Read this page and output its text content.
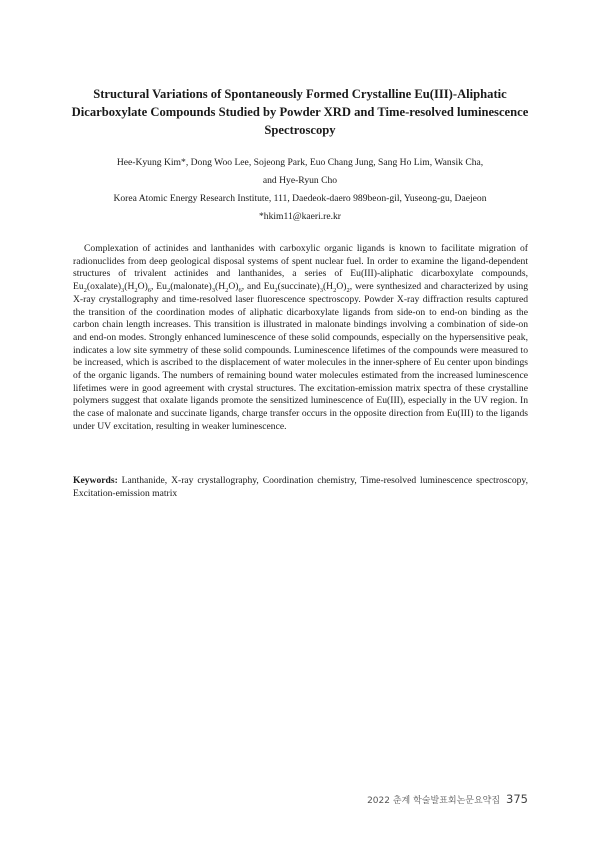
Structural Variations of Spontaneously Formed Crystalline Eu(III)-Aliphatic Dicarboxylate Compounds Studied by Powder XRD and Time-resolved luminescence Spectroscopy
Hee-Kyung Kim*, Dong Woo Lee, Sojeong Park, Euo Chang Jung, Sang Ho Lim, Wansik Cha,
and Hye-Ryun Cho
Korea Atomic Energy Research Institute, 111, Daedeok-daero 989beon-gil, Yuseong-gu, Daejeon
*hkim11@kaeri.re.kr

Complexation of actinides and lanthanides with carboxylic organic ligands is known to facilitate migration of radionuclides from deep geological disposal systems of spent nuclear fuel. In order to examine the ligand-dependent structures of trivalent actinides and lanthanides, a series of Eu(III)-aliphatic dicarboxylate compounds, $Eu_2(oxalate)_3(H_2O)_6$, $Eu_2(malonate)_3(H_2O)_6$, and $Eu_2(succinate)_3(H_2O)_2$, were synthesized and characterized by using X-ray crystallography and time-resolved laser fluorescence spectroscopy. Powder X-ray diffraction results captured the transition of the coordination modes of aliphatic dicarboxylate ligands from side-on to end-on binding as the carbon chain length increases. This transition is illustrated in malonate bindings involving a combination of side-on and end-on modes. Strongly enhanced luminescence of these solid compounds, especially on the hypersensitive peak, indicates a low site symmetry of these solid compounds. Luminescence lifetimes of the compounds were measured to be increased, which is ascribed to the displacement of water molecules in the inner-sphere of Eu center upon bindings of the organic ligands. The numbers of remaining bound water molecules estimated from the increased luminescence lifetimes were in good agreement with crystal structures. The excitation-emission matrix spectra of these crystalline polymers suggest that oxalate ligands promote the sensitized luminescence of Eu(III), especially in the UV region. In the case of malonate and succinate ligands, charge transfer occurs in the opposite direction from Eu(III) to the ligands under UV excitation, resulting in weaker luminescence.

Keywords: Lanthanide, X-ray crystallography, Coordination chemistry, Time-resolved luminescence spectroscopy, Excitation-emission matrix

2022 춘계 학술발표회논문요약집 375
